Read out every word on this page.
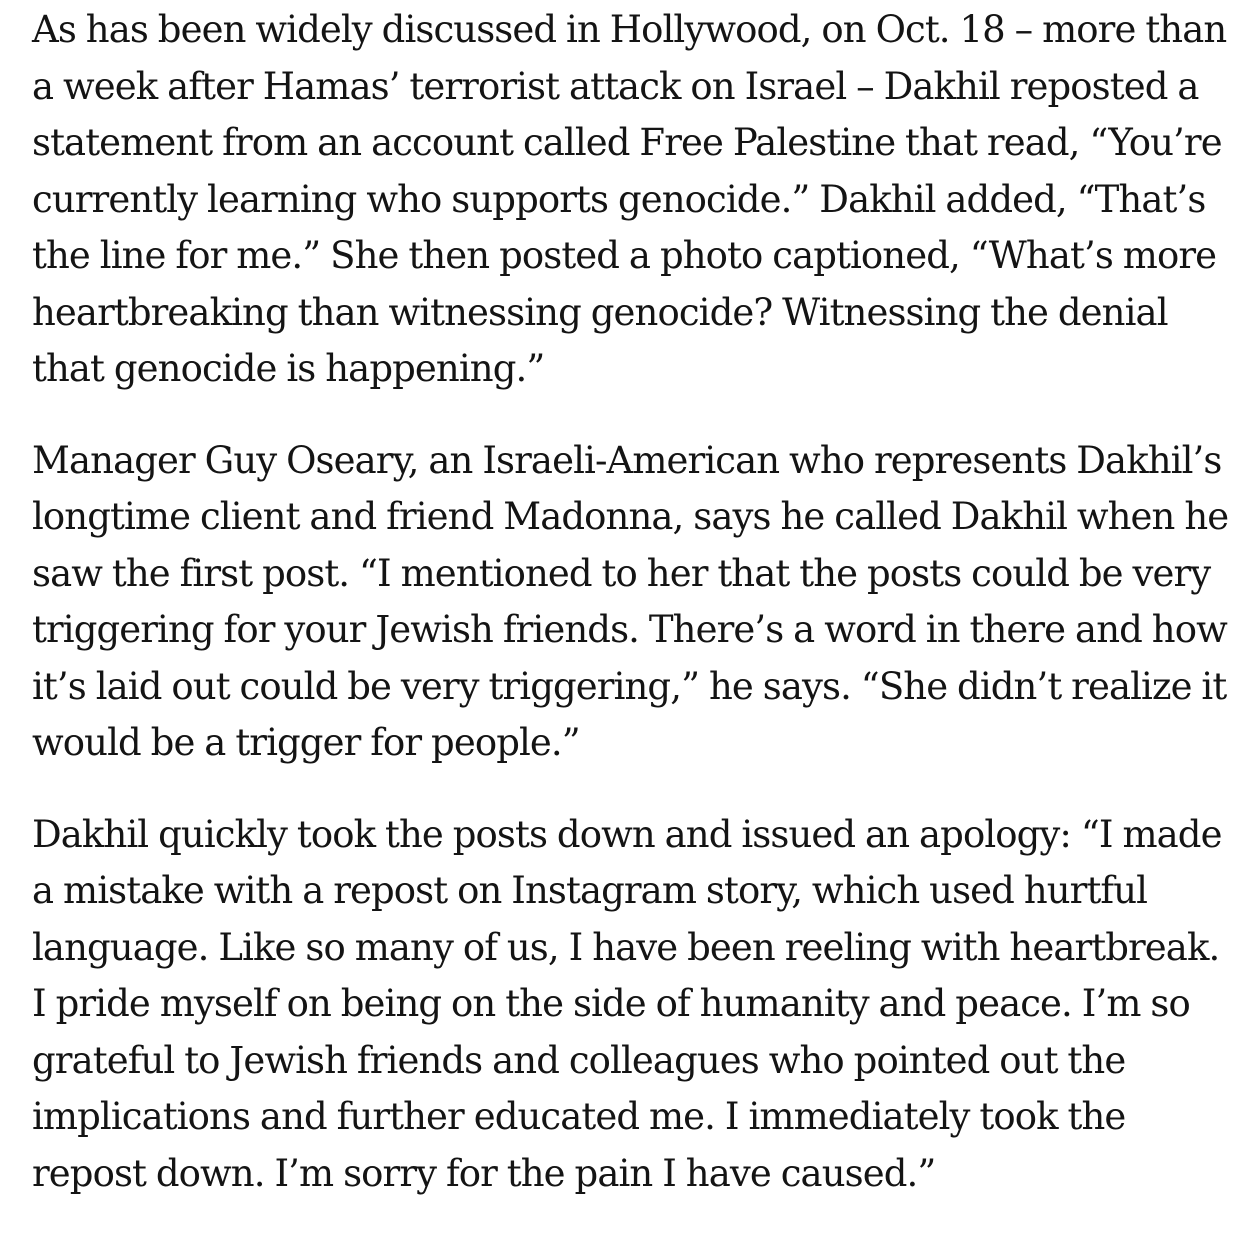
As has been widely discussed in Hollywood, on Oct. 18 – more than a week after Hamas’ terrorist attack on Israel – Dakhil reposted a statement from an account called Free Palestine that read, “You’re currently learning who supports genocide.” Dakhil added, “That’s the line for me.” She then posted a photo captioned, “What’s more heartbreaking than witnessing genocide? Witnessing the denial that genocide is happening.”

Manager Guy Oseary, an Israeli-American who represents Dakhil’s longtime client and friend Madonna, says he called Dakhil when he saw the first post. “I mentioned to her that the posts could be very triggering for your Jewish friends. There’s a word in there and how it’s laid out could be very triggering,” he says. “She didn’t realize it would be a trigger for people.”

Dakhil quickly took the posts down and issued an apology: “I made a mistake with a repost on Instagram story, which used hurtful language. Like so many of us, I have been reeling with heartbreak. I pride myself on being on the side of humanity and peace. I’m so grateful to Jewish friends and colleagues who pointed out the implications and further educated me. I immediately took the repost down. I’m sorry for the pain I have caused.”
